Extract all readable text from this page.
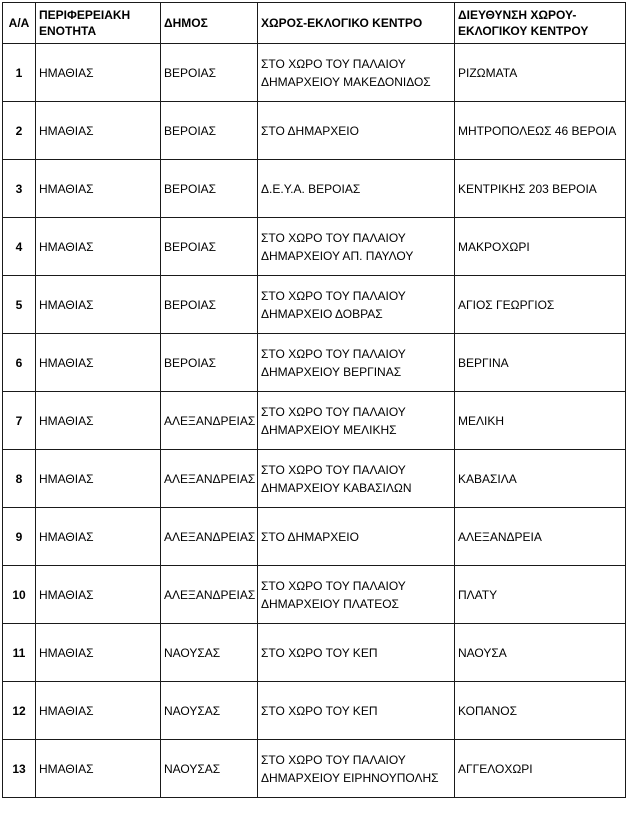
Α/Α	ΠΕΡΙΦΕΡΕΙΑΚΗ ΕΝΟΤΗΤΑ	ΔΗΜΟΣ	ΧΩΡΟΣ-ΕΚΛΟΓΙΚΟ ΚΕΝΤΡΟ	ΔΙΕΥΘΥΝΣΗ ΧΩΡΟΥ-ΕΚΛΟΓΙΚΟΥ ΚΕΝΤΡΟΥ
1	ΗΜΑΘΙΑΣ	ΒΕΡΟΙΑΣ	ΣΤΟ ΧΩΡΟ ΤΟΥ ΠΑΛΑΙΟΥ ΔΗΜΑΡΧΕΙΟΥ ΜΑΚΕΔΟΝΙΔΟΣ	ΡΙΖΩΜΑΤΑ
2	ΗΜΑΘΙΑΣ	ΒΕΡΟΙΑΣ	ΣΤΟ ΔΗΜΑΡΧΕΙΟ	ΜΗΤΡΟΠΟΛΕΩΣ 46 ΒΕΡΟΙΑ
3	ΗΜΑΘΙΑΣ	ΒΕΡΟΙΑΣ	Δ.Ε.Υ.Α. ΒΕΡΟΙΑΣ	ΚΕΝΤΡΙΚΗΣ 203 ΒΕΡΟΙΑ
4	ΗΜΑΘΙΑΣ	ΒΕΡΟΙΑΣ	ΣΤΟ ΧΩΡΟ ΤΟΥ ΠΑΛΑΙΟΥ ΔΗΜΑΡΧΕΙΟΥ ΑΠ. ΠΑΥΛΟΥ	ΜΑΚΡΟΧΩΡΙ
5	ΗΜΑΘΙΑΣ	ΒΕΡΟΙΑΣ	ΣΤΟ ΧΩΡΟ ΤΟΥ ΠΑΛΑΙΟΥ ΔΗΜΑΡΧΕΙΟ ΔΟΒΡΑΣ	ΑΓΙΟΣ ΓΕΩΡΓΙΟΣ
6	ΗΜΑΘΙΑΣ	ΒΕΡΟΙΑΣ	ΣΤΟ ΧΩΡΟ ΤΟΥ ΠΑΛΑΙΟΥ ΔΗΜΑΡΧΕΙΟΥ ΒΕΡΓΙΝΑΣ	ΒΕΡΓΙΝΑ
7	ΗΜΑΘΙΑΣ	ΑΛΕΞΑΝΔΡΕΙΑΣ	ΣΤΟ ΧΩΡΟ ΤΟΥ ΠΑΛΑΙΟΥ ΔΗΜΑΡΧΕΙΟΥ ΜΕΛΙΚΗΣ	ΜΕΛΙΚΗ
8	ΗΜΑΘΙΑΣ	ΑΛΕΞΑΝΔΡΕΙΑΣ	ΣΤΟ ΧΩΡΟ ΤΟΥ ΠΑΛΑΙΟΥ ΔΗΜΑΡΧΕΙΟΥ ΚΑΒΑΣΙΛΩΝ	ΚΑΒΑΣΙΛΑ
9	ΗΜΑΘΙΑΣ	ΑΛΕΞΑΝΔΡΕΙΑΣ	ΣΤΟ ΔΗΜΑΡΧΕΙΟ	ΑΛΕΞΑΝΔΡΕΙΑ
10	ΗΜΑΘΙΑΣ	ΑΛΕΞΑΝΔΡΕΙΑΣ	ΣΤΟ ΧΩΡΟ ΤΟΥ ΠΑΛΑΙΟΥ ΔΗΜΑΡΧΕΙΟΥ ΠΛΑΤΕΟΣ	ΠΛΑΤΥ
11	ΗΜΑΘΙΑΣ	ΝΑΟΥΣΑΣ	ΣΤΟ ΧΩΡΟ ΤΟΥ ΚΕΠ	ΝΑΟΥΣΑ
12	ΗΜΑΘΙΑΣ	ΝΑΟΥΣΑΣ	ΣΤΟ ΧΩΡΟ ΤΟΥ ΚΕΠ	ΚΟΠΑΝΟΣ
13	ΗΜΑΘΙΑΣ	ΝΑΟΥΣΑΣ	ΣΤΟ ΧΩΡΟ ΤΟΥ ΠΑΛΑΙΟΥ ΔΗΜΑΡΧΕΙΟΥ ΕΙΡΗΝΟΥΠΟΛΗΣ	ΑΓΓΕΛΟΧΩΡΙ
